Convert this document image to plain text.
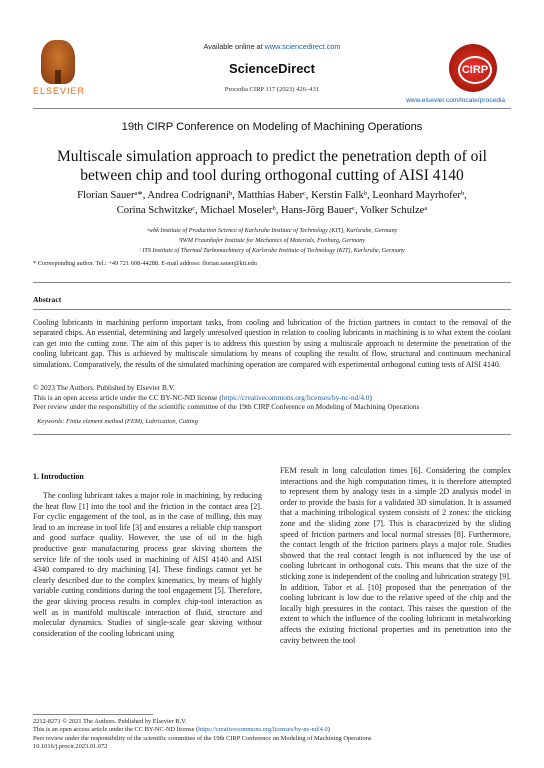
ELSEVIER
Available online at www.sciencedirect.com
ScienceDirect
Procedia CIRP 117 (2023) 426–431
CIRP
www.elsevier.com/locate/procedia
19th CIRP Conference on Modeling of Machining Operations
Multiscale simulation approach to predict the penetration depth of oil between chip and tool during orthogonal cutting of AISI 4140
Florian Sauerᵃ*, Andrea Codrignaniᵇ, Matthias Haberᶜ, Kerstin Falkᵇ, Leonhard Mayrhoferᵇ,
Corina Schwitzkeᶜ, Michael Moselerᵇ, Hans-Jörg Bauerᶜ, Volker Schulzeᵃ
ᵃwbk Institute of Production Science of Karlsruhe Institute of Technology (KIT), Karlsruhe, Germany
ᵇIWM Fraunhofer Institute for Mechanics of Materials, Freiburg, Germany
ᶜ ITS Institute of Thermal Turbomachinery of Karlsruhe Institute of Technology (KIT), Karlsruhe, Germany
* Corresponding author. Tel.: +49 721 608-44288. E-mail address: florian.sauer@kit.edu
Abstract
Cooling lubricants in machining perform important tasks, from cooling and lubrication of the friction partners in contact to the removal of the separated chips. An essential, determining and largely unresolved question in relation to cooling lubricants in machining is to what extent the coolant can get into the cutting zone. The aim of this paper is to address this question by using a multiscale approach to determine the penetration of the cooling lubricant gap. This is achieved by multiscale simulations by means of coupling the results of flow, structural and continuum mechanical simulations. Comparatively, the results of the simulated machining operation are compared with experimental orthogonal cutting tests of AISI 4140.
© 2023 The Authors. Published by Elsevier B.V.
This is an open access article under the CC BY-NC-ND license (https://creativecommons.org/licenses/by-nc-nd/4.0)
Peer review under the responsibility of the scientific committee of the 19th CIRP Conference on Modeling of Machining Operations
Keywords: Finite element method (FEM), Lubrication, Cutting
1. Introduction
The cooling lubricant takes a major role in machining, by reducing the heat flow [1] into the tool and the friction in the contact area [2]. For cyclic engagement of the tool, as in the case of milling, this may lead to an increase in tool life [3] and ensures a reliable chip transport and good surface quality. However, the use of oil in the high productive gear manufacturing process gear skiving shortens the service life of the tools used in machining of AISI 4140 and AISI 4340 compared to dry machining [4]. These findings cannot yet be clearly described due to the complex kinematics, by means of highly variable cutting conditions during the tool engagement [5]. Therefore, the gear skiving process results in complex chip-tool interaction as well as in manifold multiscale interaction of fluid, structure and molecular dynamics. Studies of single-scale gear skiving without consideration of the cooling lubricant using
FEM result in long calculation times [6]. Considering the complex interactions and the high computation times, it is therefore attempted to represent them by analogy tests in a simple 2D analysis model in order to provide the basis for a validated 3D simulation. It is assumed that a machining tribological system consists of 2 zones: the sticking zone and the sliding zone [7]. This is characterized by the sliding speed of friction partners and local normal stresses [8]. Furthermore, the contact length of the friction partners plays a major role. Studies showed that the real contact length is not influenced by the use of cooling lubricant in orthogonal cuts. This means that the size of the sticking zone is independent of the cooling and lubrication strategy [9]. In addition, Tabor et al. [10] proposed that the penetration of the cooling lubricant is low due to the relative speed of the chip and the locally high pressures in the contact. This raises the question of the extent to which the influence of the cooling lubricant in metalworking affects the existing frictional properties and its penetration into the cavity between the tool
2212-8271 © 2021 The Authors. Published by Elsevier B.V.
This is an open access article under the CC BY-NC-ND license (https://creativecommons.org/licenses/by-nc-nd/4.0)
Peer review under the responsibility of the scientific committee of the 19th CIRP Conference on Modeling of Machining Operations
10.1016/j.procir.2023.01.072
